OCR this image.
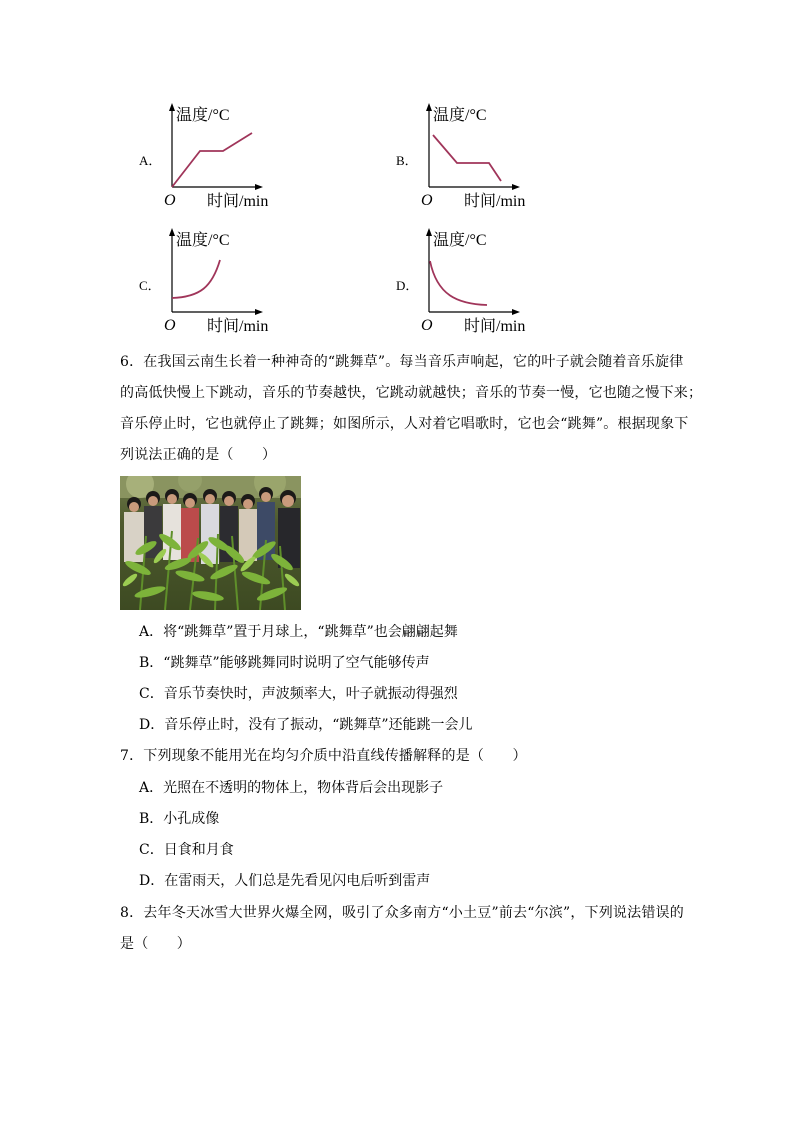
A．
温度/°C
时间/min
O
B．
温度/°C
时间/min
O
C．
温度/°C
时间/min
O
D．
温度/°C
时间/min
O
6．在我国云南生长着一种神奇的“跳舞草”。每当音乐声响起，它的叶子就会随着音乐旋律
的高低快慢上下跳动，音乐的节奏越快，它跳动就越快；音乐的节奏一慢，它也随之慢下来；
音乐停止时，它也就停止了跳舞；如图所示，人对着它唱歌时，它也会“跳舞”。根据现象下
列说法正确的是（　　）
A．将“跳舞草”置于月球上，“跳舞草”也会翩翩起舞
B．“跳舞草”能够跳舞同时说明了空气能够传声
C．音乐节奏快时，声波频率大，叶子就振动得强烈
D．音乐停止时，没有了振动，“跳舞草”还能跳一会儿
7．下列现象不能用光在均匀介质中沿直线传播解释的是（　　）
A．光照在不透明的物体上，物体背后会出现影子
B．小孔成像
C．日食和月食
D．在雷雨天，人们总是先看见闪电后听到雷声
8．去年冬天冰雪大世界火爆全网，吸引了众多南方“小土豆”前去“尔滨”，下列说法错误的
是（　　）
